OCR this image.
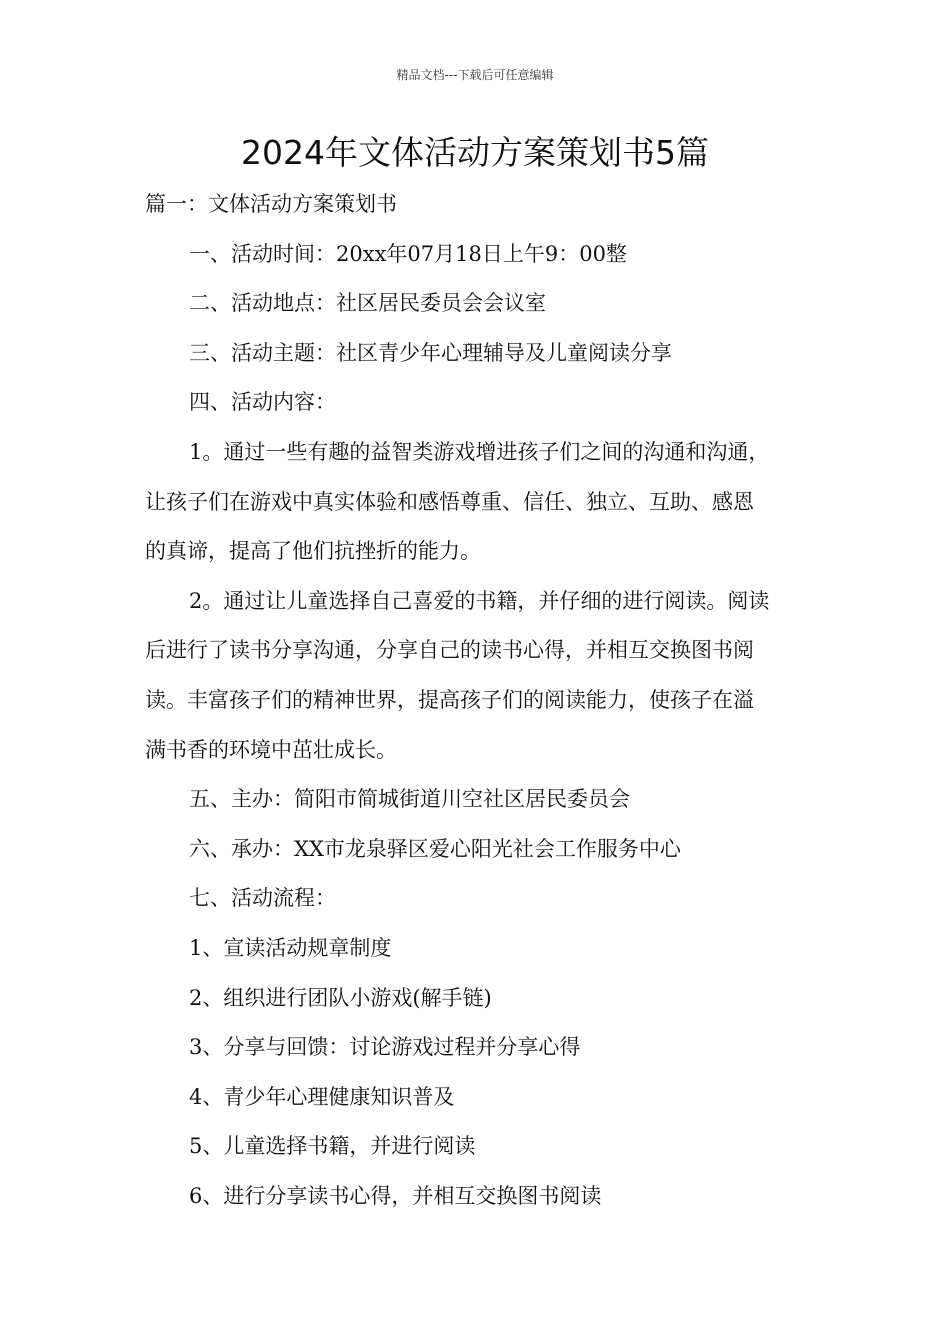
精品文档---下载后可任意编辑
2024年文体活动方案策划书5篇

篇一：文体活动方案策划书

一、活动时间：20xx年07月18日上午9：00整

二、活动地点：社区居民委员会会议室

三、活动主题：社区青少年心理辅导及儿童阅读分享

四、活动内容：

1。通过一些有趣的益智类游戏增进孩子们之间的沟通和沟通，

让孩子们在游戏中真实体验和感悟尊重、信任、独立、互助、感恩

的真谛，提高了他们抗挫折的能力。

2。通过让儿童选择自己喜爱的书籍，并仔细的进行阅读。阅读

后进行了读书分享沟通，分享自己的读书心得，并相互交换图书阅

读。丰富孩子们的精神世界，提高孩子们的阅读能力，使孩子在溢

满书香的环境中茁壮成长。

五、主办：简阳市简城街道川空社区居民委员会

六、承办：XX市龙泉驿区爱心阳光社会工作服务中心

七、活动流程：

1、宣读活动规章制度

2、组织进行团队小游戏(解手链)

3、分享与回馈：讨论游戏过程并分享心得

4、青少年心理健康知识普及

5、儿童选择书籍，并进行阅读

6、进行分享读书心得，并相互交换图书阅读
